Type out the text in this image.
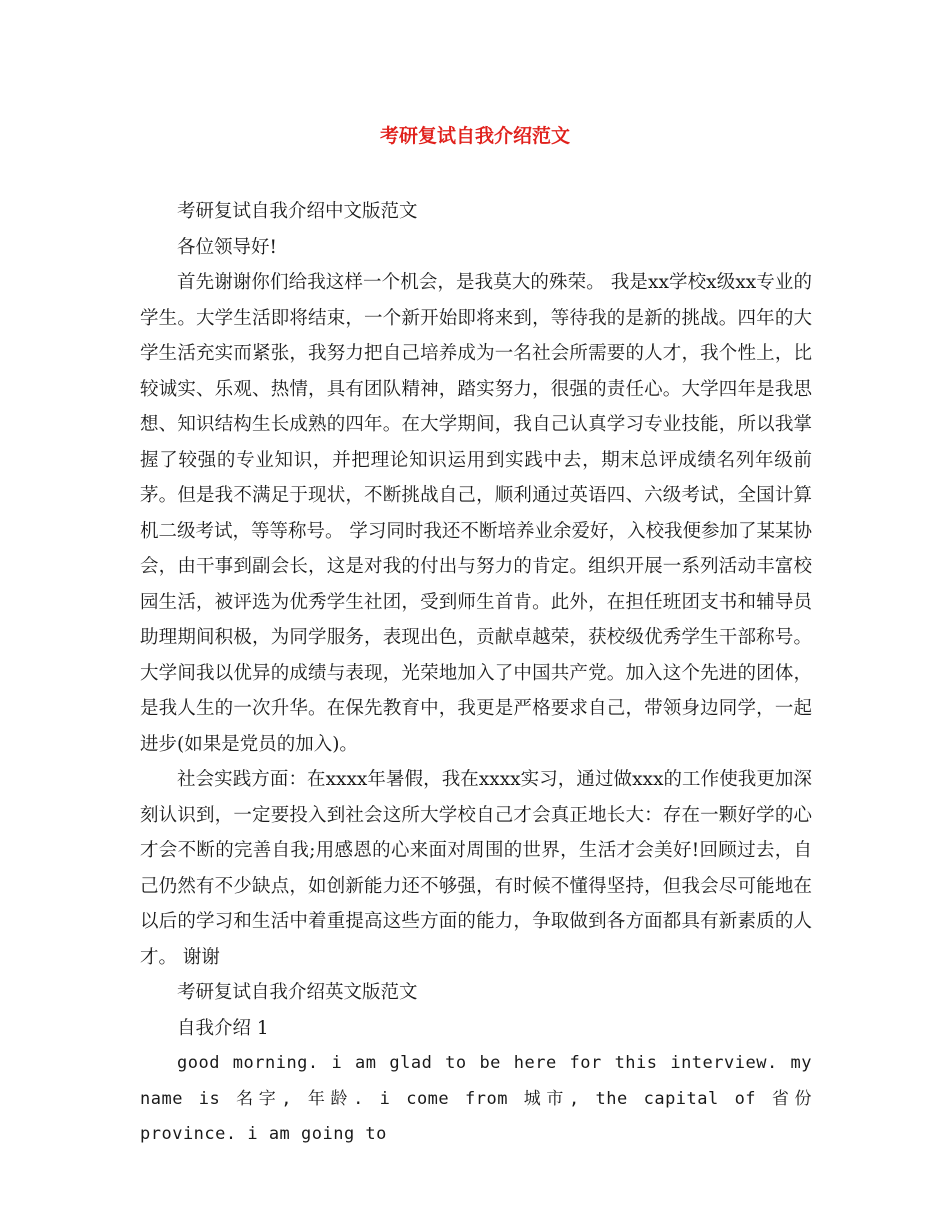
考研复试自我介绍范文

考研复试自我介绍中文版范文

各位领导好!

首先谢谢你们给我这样一个机会，是我莫大的殊荣。 我是xx学校x级xx专业的学生。大学生活即将结束，一个新开始即将来到，等待我的是新的挑战。四年的大学生活充实而紧张，我努力把自己培养成为一名社会所需要的人才，我个性上，比较诚实、乐观、热情，具有团队精神，踏实努力，很强的责任心。大学四年是我思想、知识结构生长成熟的四年。在大学期间，我自己认真学习专业技能，所以我掌握了较强的专业知识，并把理论知识运用到实践中去，期末总评成绩名列年级前茅。但是我不满足于现状，不断挑战自己，顺利通过英语四、六级考试，全国计算机二级考试，等等称号。 学习同时我还不断培养业余爱好，入校我便参加了某某协会，由干事到副会长，这是对我的付出与努力的肯定。组织开展一系列活动丰富校园生活，被评选为优秀学生社团，受到师生首肯。此外，在担任班团支书和辅导员助理期间积极，为同学服务，表现出色，贡献卓越荣，获校级优秀学生干部称号。 大学间我以优异的成绩与表现，光荣地加入了中国共产党。加入这个先进的团体，是我人生的一次升华。在保先教育中，我更是严格要求自己，带领身边同学，一起进步(如果是党员的加入)。

社会实践方面：在xxxx年暑假，我在xxxx实习，通过做xxx的工作使我更加深刻认识到，一定要投入到社会这所大学校自己才会真正地长大：存在一颗好学的心才会不断的完善自我;用感恩的心来面对周围的世界，生活才会美好!回顾过去，自己仍然有不少缺点，如创新能力还不够强，有时候不懂得坚持，但我会尽可能地在以后的学习和生活中着重提高这些方面的能力，争取做到各方面都具有新素质的人才。 谢谢

考研复试自我介绍英文版范文

自我介绍 1

good morning. i am glad to be here for this interview. my name is 名字, 年龄. i come from 城市, the capital of 省份province. i am going to
